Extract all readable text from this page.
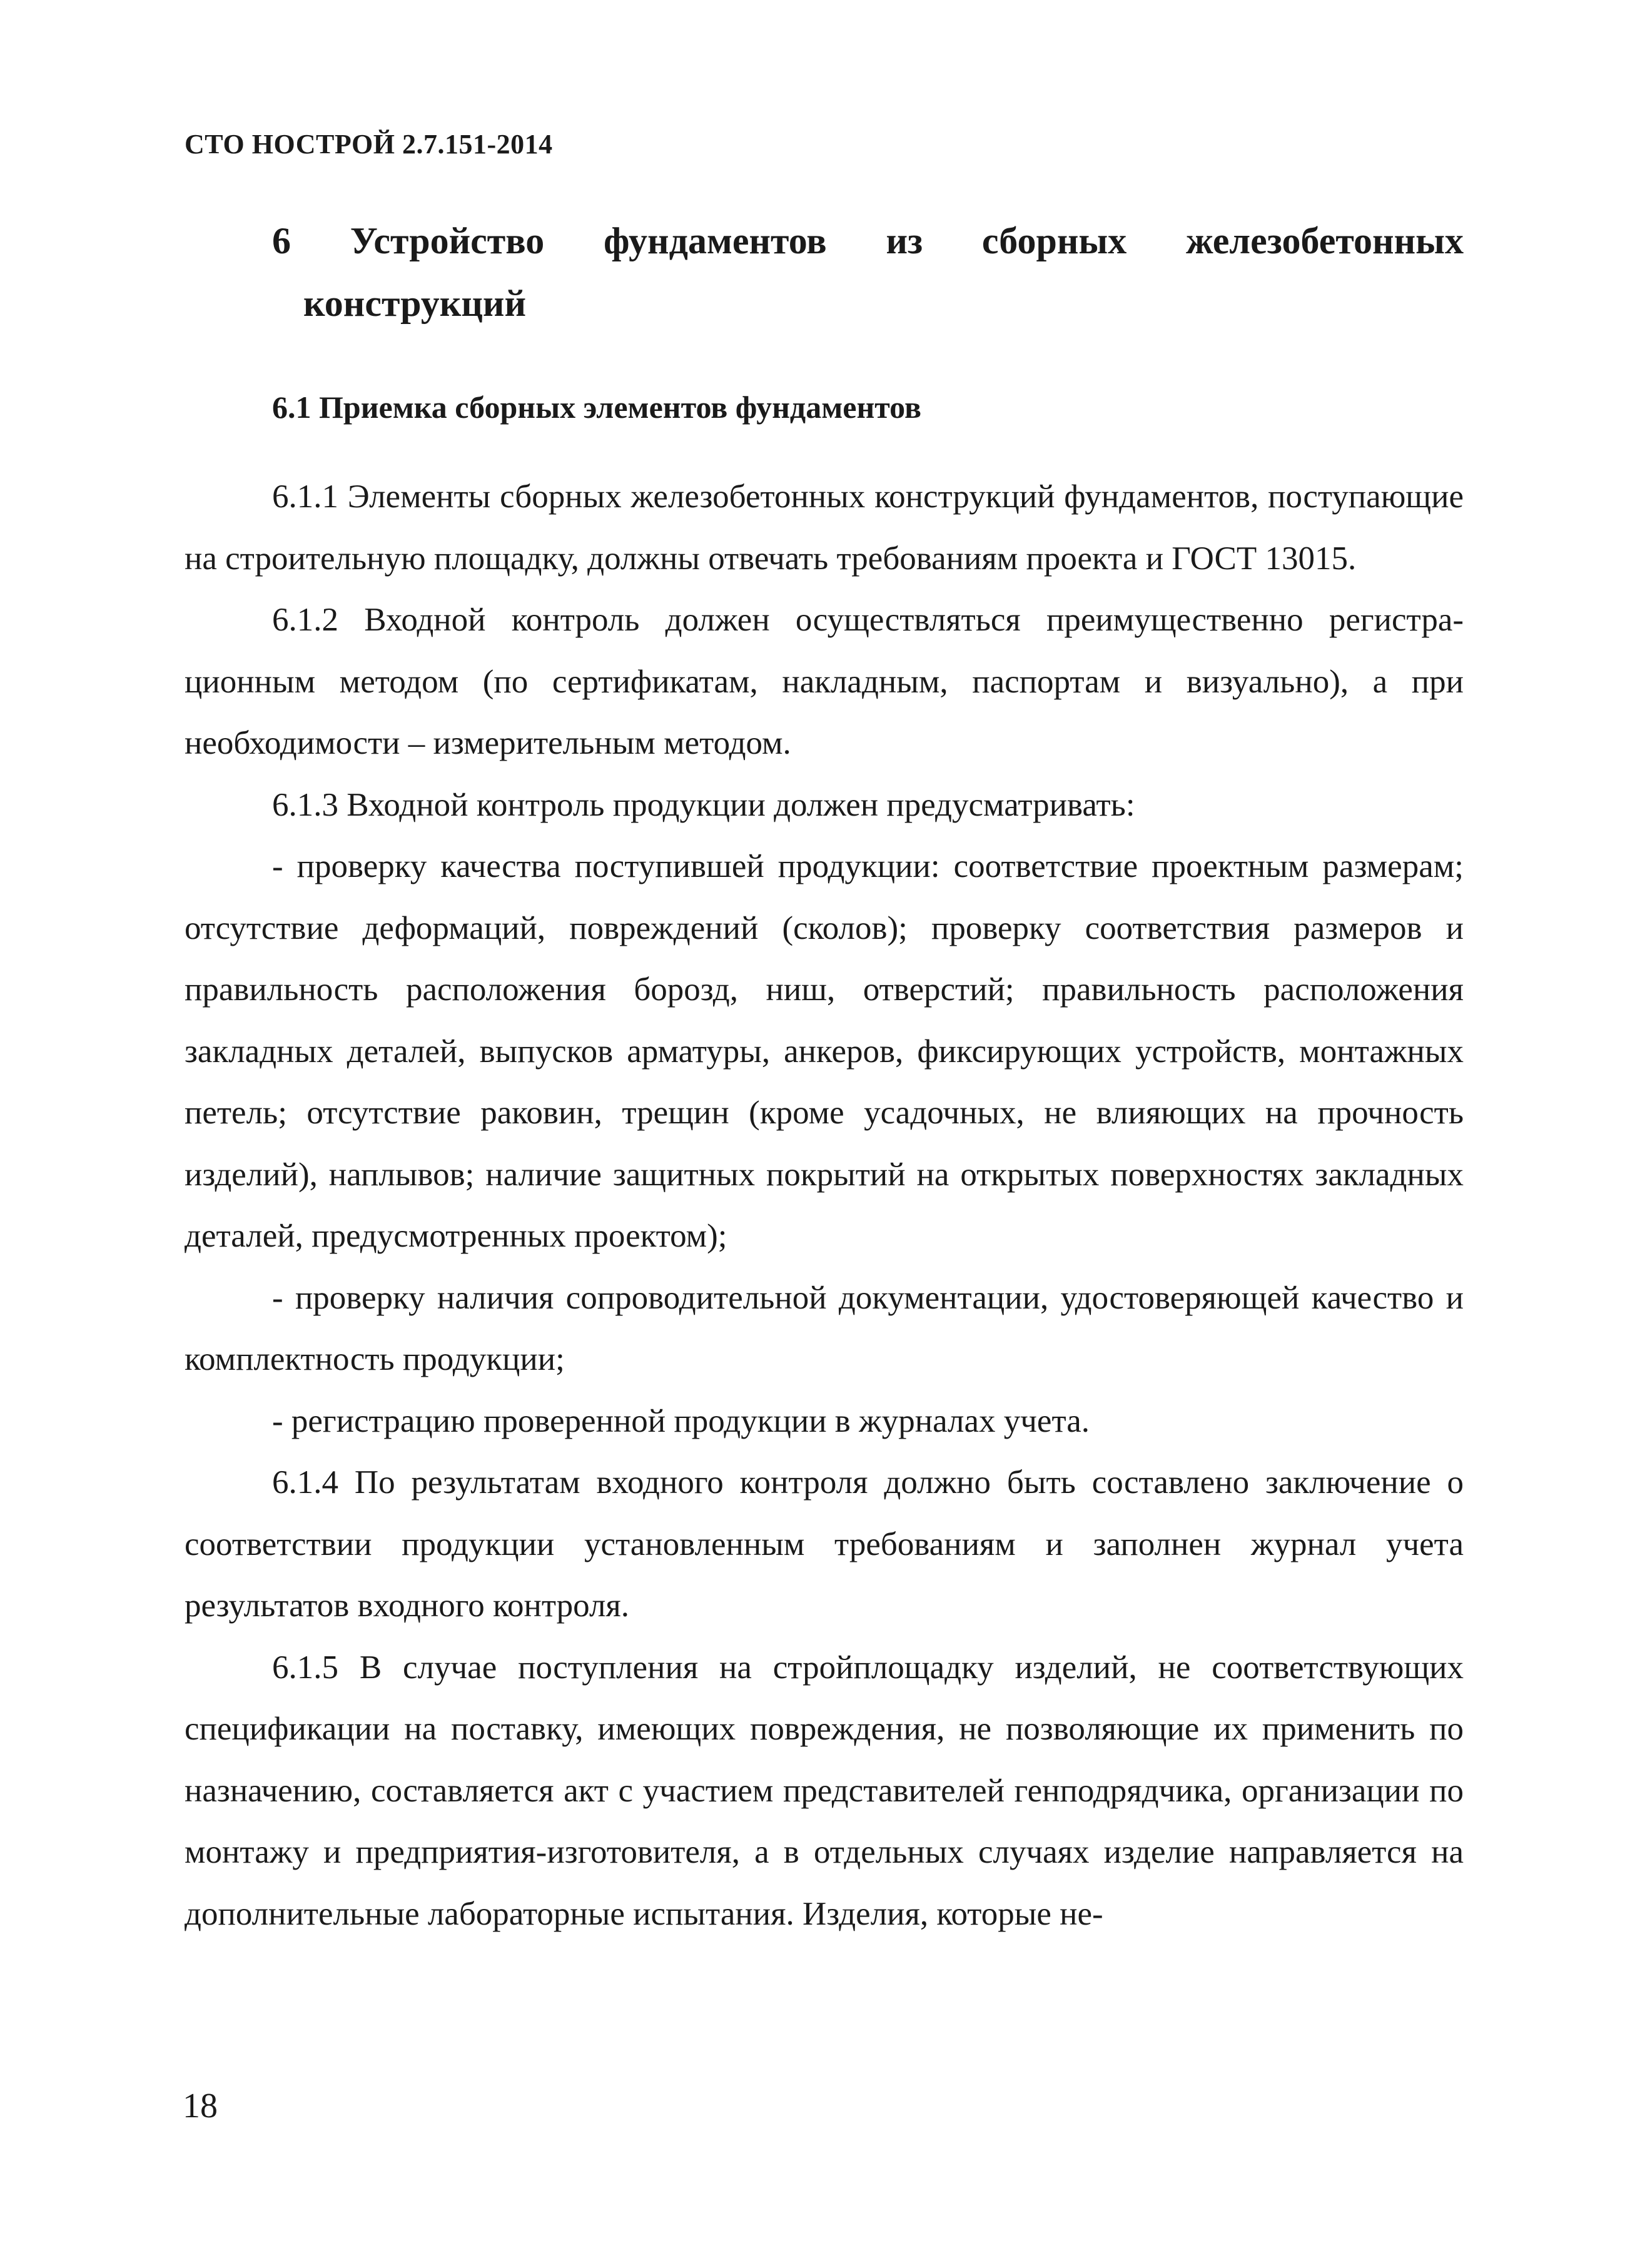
СТО НОСТРОЙ 2.7.151-2014
6 Устройство фундаментов из сборных железобетонных
конструкций
6.1 Приемка сборных элементов фундаментов

6.1.1 Элементы сборных железобетонных конструкций фундаментов, поступающие на строительную площадку, должны отвечать требованиям проекта и ГОСТ 13015.

6.1.2 Входной контроль должен осуществляться преимущественно регистрационным методом (по сертификатам, накладным, паспортам и визуально), а при необходимости – измерительным методом.

6.1.3 Входной контроль продукции должен предусматривать:

- проверку качества поступившей продукции: соответствие проектным размерам; отсутствие деформаций, повреждений (сколов); проверку соответствия размеров и правильность расположения борозд, ниш, отверстий; правильность расположения закладных деталей, выпусков арматуры, анкеров, фиксирующих устройств, монтажных петель; отсутствие раковин, трещин (кроме усадочных, не влияющих на прочность изделий), наплывов; наличие защитных покрытий на открытых поверхностях закладных деталей, предусмотренных проектом);

- проверку наличия сопроводительной документации, удостоверяющей качество и комплектность продукции;

- регистрацию проверенной продукции в журналах учета.

6.1.4 По результатам входного контроля должно быть составлено заключение о соответствии продукции установленным требованиям и заполнен журнал учета результатов входного контроля.

6.1.5 В случае поступления на стройплощадку изделий, не соответствующих спецификации на поставку, имеющих повреждения, не позволяющие их применить по назначению, составляется акт с участием представителей генподрядчика, организации по монтажу и предприятия-изготовителя, а в отдельных случаях изделие направляется на дополнительные лабораторные испытания. Изделия, которые не-

18
